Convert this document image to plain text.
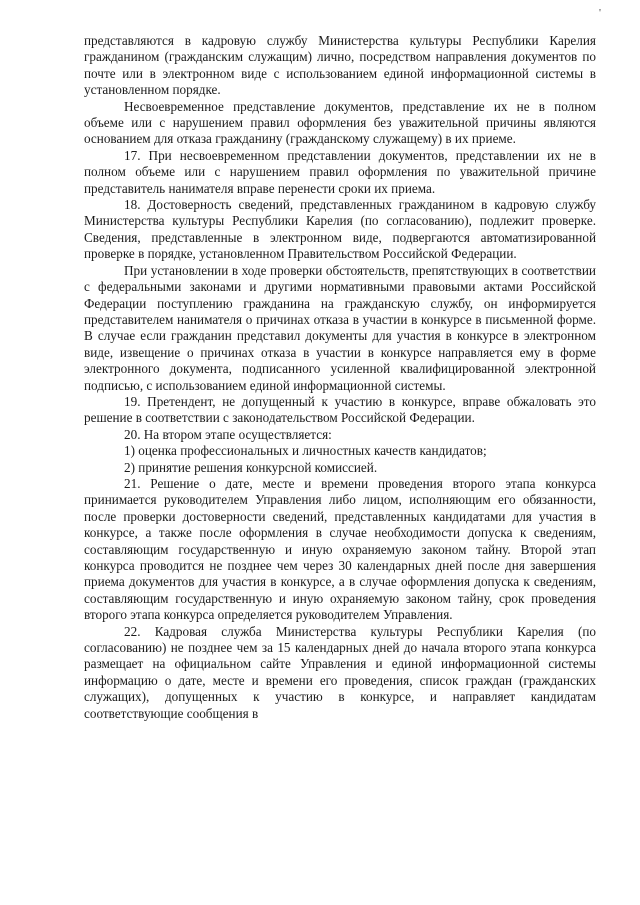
'

представляются в кадровую службу Министерства культуры Республики Карелия гражданином (гражданским служащим) лично, посредством направления документов по почте или в электронном виде с использованием единой информационной системы в установленном порядке.

Несвоевременное представление документов, представление их не в полном объеме или с нарушением правил оформления без уважительной причины являются основанием для отказа гражданину (гражданскому служащему) в их приеме.

17. При несвоевременном представлении документов, представлении их не в полном объеме или с нарушением правил оформления по уважительной причине представитель нанимателя вправе перенести сроки их приема.

18. Достоверность сведений, представленных гражданином в кадровую службу Министерства культуры Республики Карелия (по согласованию), подлежит проверке. Сведения, представленные в электронном виде, подвергаются автоматизированной проверке в порядке, установленном Правительством Российской Федерации.

При установлении в ходе проверки обстоятельств, препятствующих в соответствии с федеральными законами и другими нормативными правовыми актами Российской Федерации поступлению гражданина на гражданскую службу, он информируется представителем нанимателя о причинах отказа в участии в конкурсе в письменной форме. В случае если гражданин представил документы для участия в конкурсе в электронном виде, извещение о причинах отказа в участии в конкурсе направляется ему в форме электронного документа, подписанного усиленной квалифицированной электронной подписью, с использованием единой информационной системы.

19. Претендент, не допущенный к участию в конкурсе, вправе обжаловать это решение в соответствии с законодательством Российской Федерации.

20. На втором этапе осуществляется:

1) оценка профессиональных и личностных качеств кандидатов;

2) принятие решения конкурсной комиссией.

21. Решение о дате, месте и времени проведения второго этапа конкурса принимается руководителем Управления либо лицом, исполняющим его обязанности, после проверки достоверности сведений, представленных кандидатами для участия в конкурсе, а также после оформления в случае необходимости допуска к сведениям, составляющим государственную и иную охраняемую законом тайну. Второй этап конкурса проводится не позднее чем через 30 календарных дней после дня завершения приема документов для участия в конкурсе, а в случае оформления допуска к сведениям, составляющим государственную и иную охраняемую законом тайну, срок проведения второго этапа конкурса определяется руководителем Управления.

22. Кадровая служба Министерства культуры Республики Карелия (по согласованию) не позднее чем за 15 календарных дней до начала второго этапа конкурса размещает на официальном сайте Управления и единой информационной системы информацию о дате, месте и времени его проведения, список граждан (гражданских служащих), допущенных к участию в конкурсе, и направляет кандидатам соответствующие сообщения в
